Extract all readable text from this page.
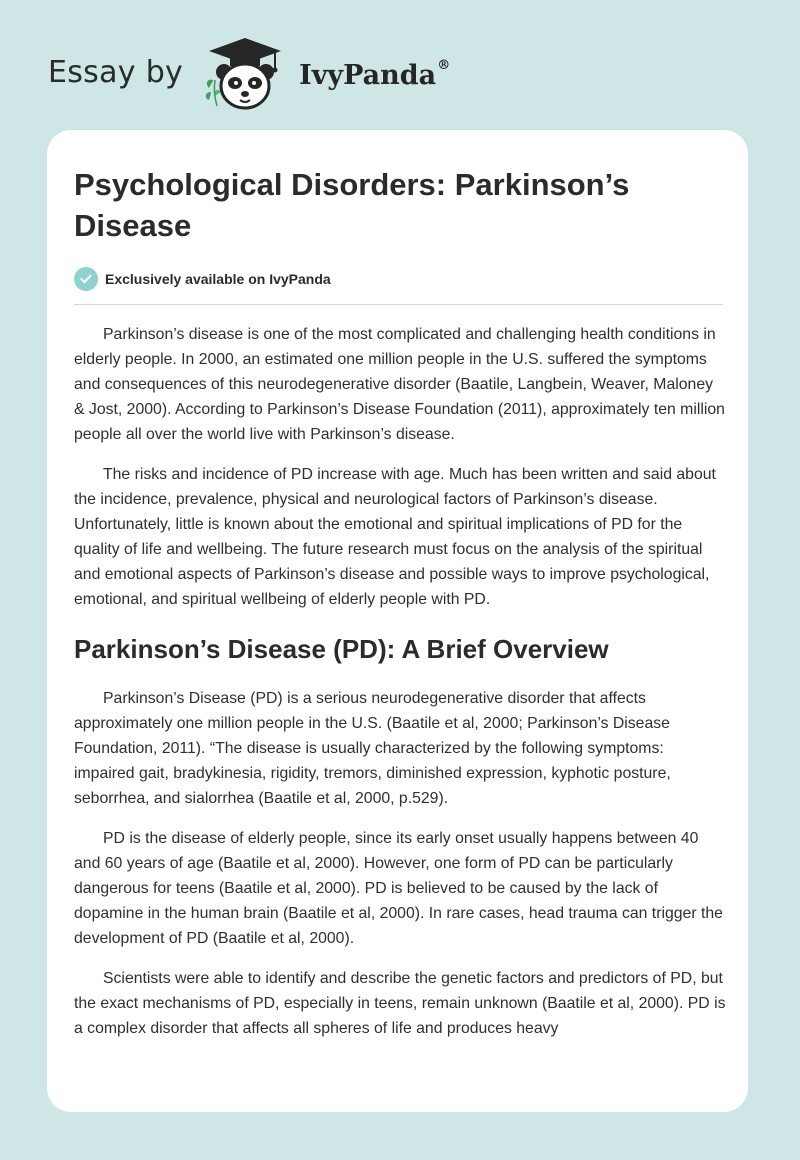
Essay by	IvyPanda®
Psychological Disorders: Parkinson’s Disease
Exclusively available on IvyPanda

Parkinson’s disease is one of the most complicated and challenging health conditions in elderly people. In 2000, an estimated one million people in the U.S. suffered the symptoms and consequences of this neurodegenerative disorder (Baatile, Langbein, Weaver, Maloney & Jost, 2000). According to Parkinson’s Disease Foundation (2011), approximately ten million people all over the world live with Parkinson’s disease.

The risks and incidence of PD increase with age. Much has been written and said about the incidence, prevalence, physical and neurological factors of Parkinson’s disease. Unfortunately, little is known about the emotional and spiritual implications of PD for the quality of life and wellbeing. The future research must focus on the analysis of the spiritual and emotional aspects of Parkinson’s disease and possible ways to improve psychological, emotional, and spiritual wellbeing of elderly people with PD.

Parkinson’s Disease (PD): A Brief Overview

Parkinson’s Disease (PD) is a serious neurodegenerative disorder that affects approximately one million people in the U.S. (Baatile et al, 2000; Parkinson’s Disease Foundation, 2011). “The disease is usually characterized by the following symptoms: impaired gait, bradykinesia, rigidity, tremors, diminished expression, kyphotic posture, seborrhea, and sialorrhea (Baatile et al, 2000, p.529).

PD is the disease of elderly people, since its early onset usually happens between 40 and 60 years of age (Baatile et al, 2000). However, one form of PD can be particularly dangerous for teens (Baatile et al, 2000). PD is believed to be caused by the lack of dopamine in the human brain (Baatile et al, 2000). In rare cases, head trauma can trigger the development of PD (Baatile et al, 2000).

Scientists were able to identify and describe the genetic factors and predictors of PD, but the exact mechanisms of PD, especially in teens, remain unknown (Baatile et al, 2000). PD is a complex disorder that affects all spheres of life and produces heavy
